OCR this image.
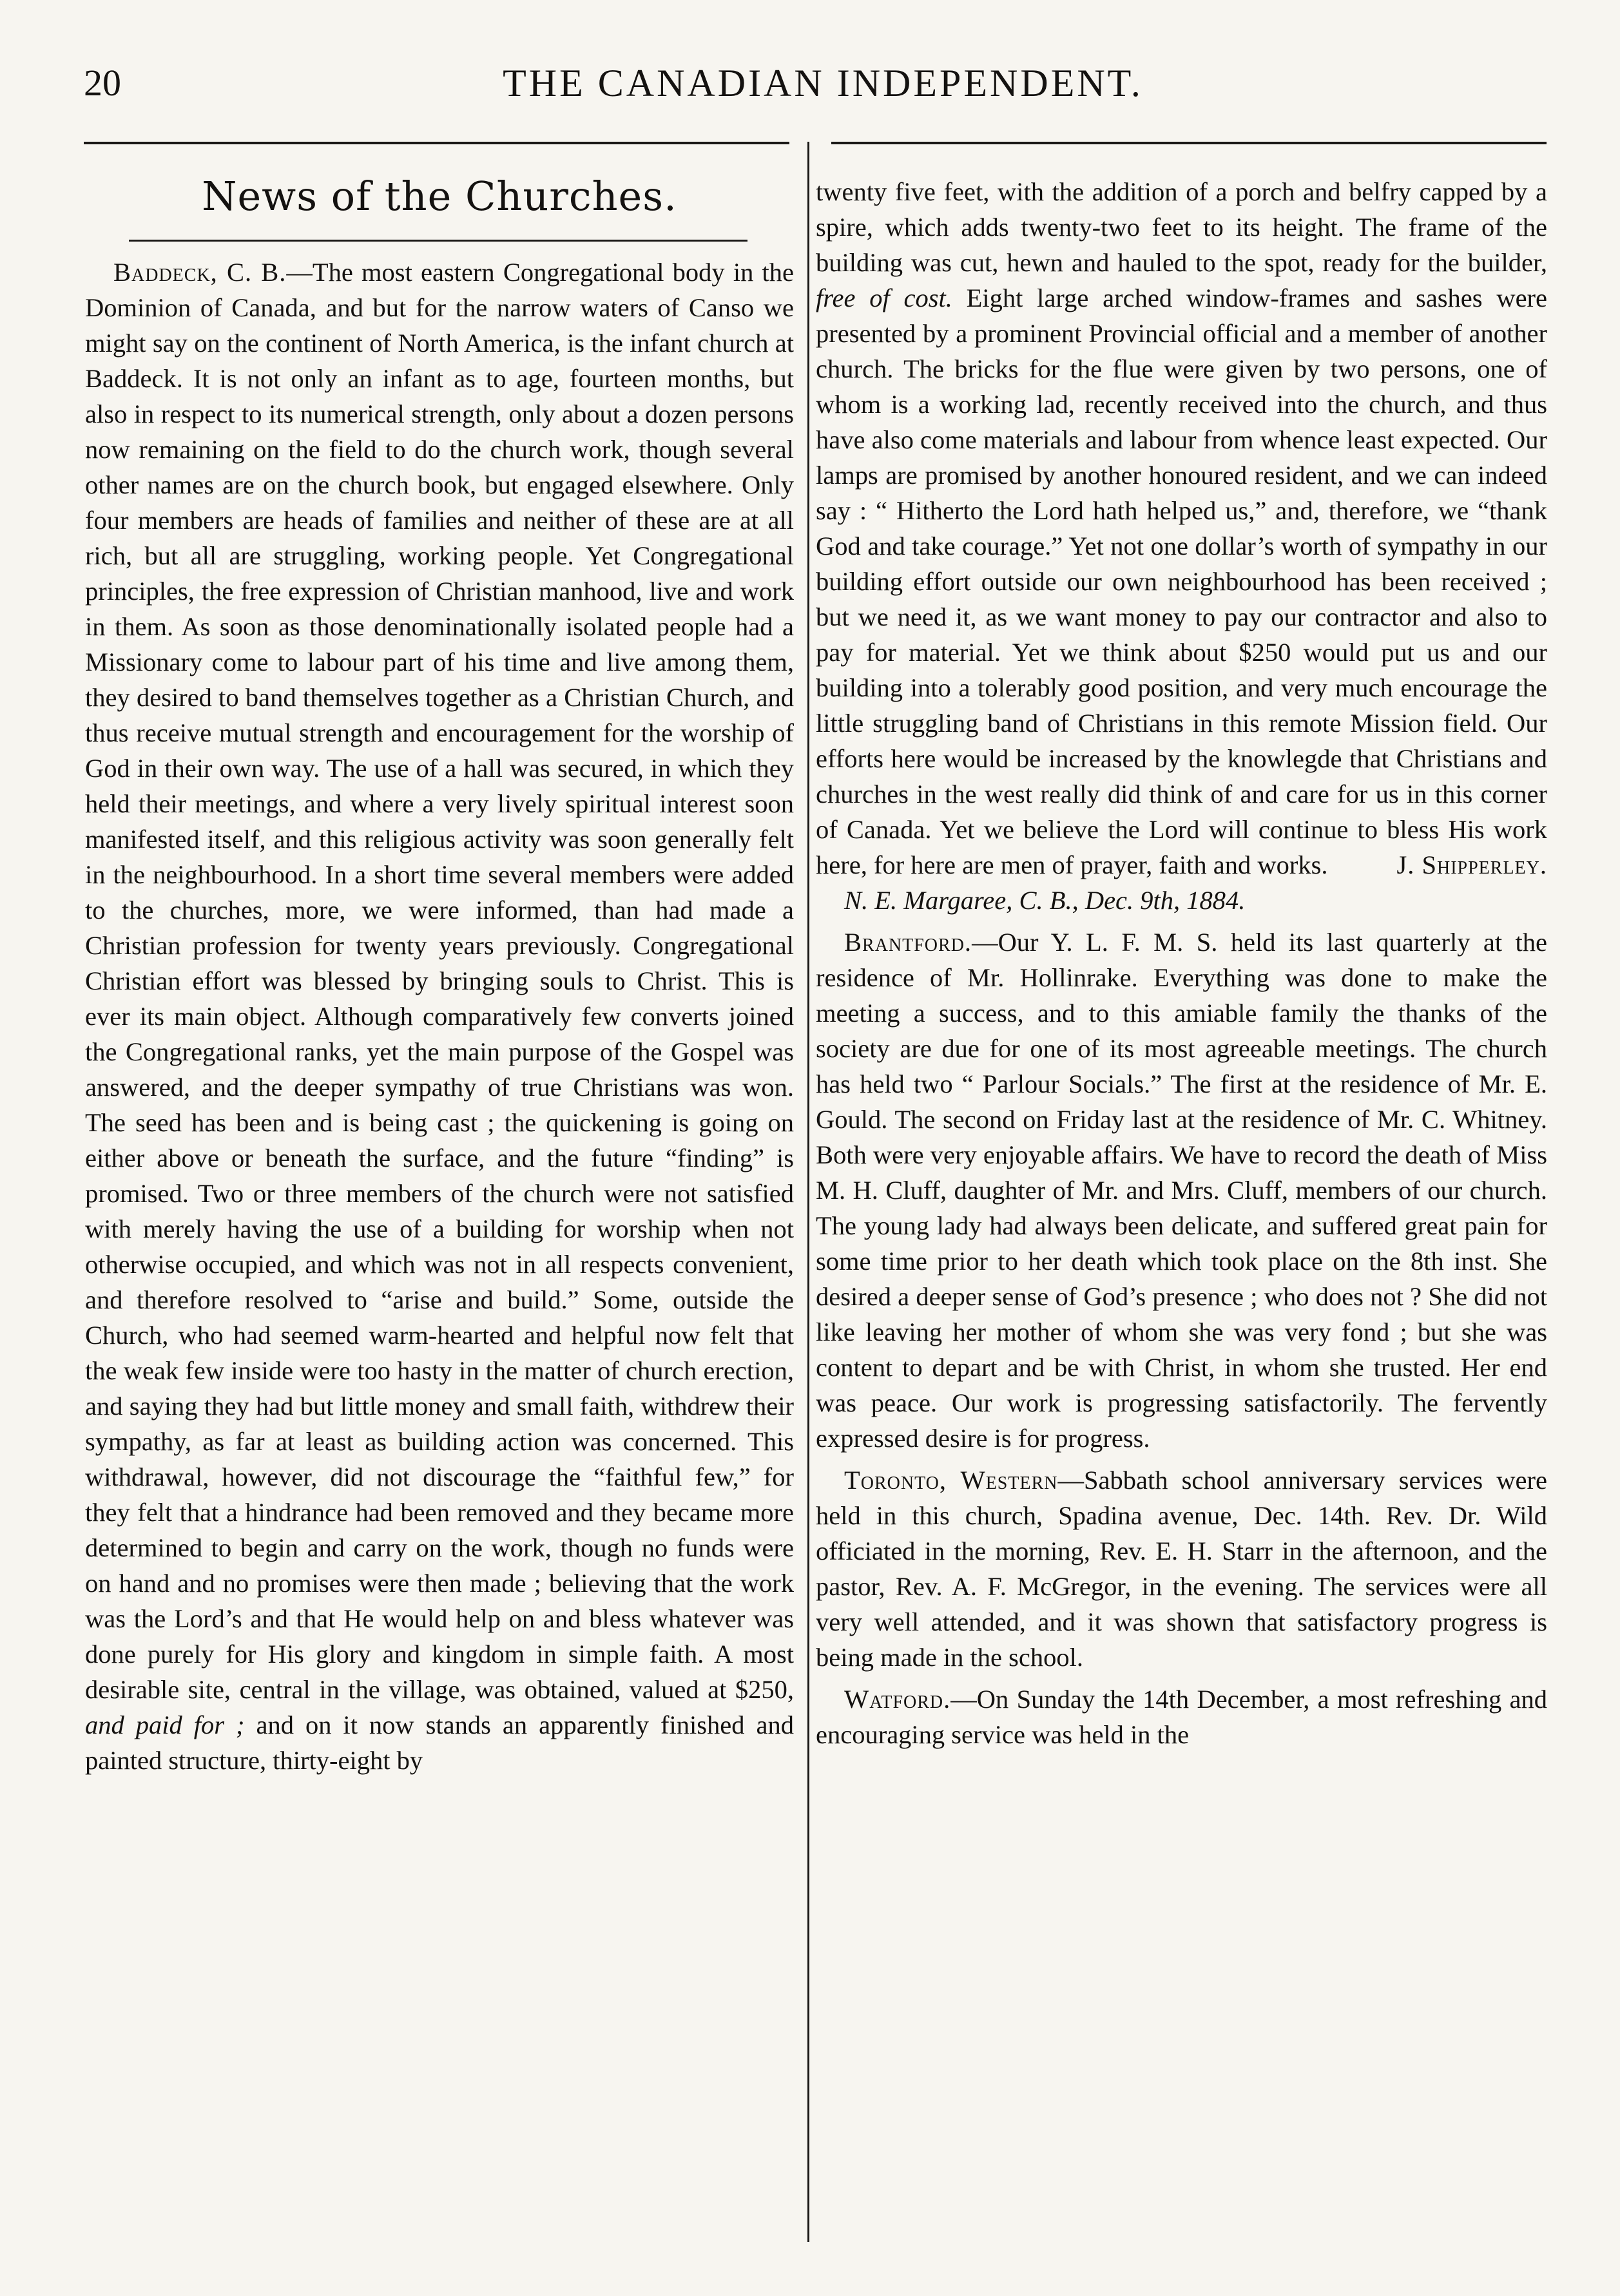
20	THE CANADIAN INDEPENDENT.
News of the Churches.

Baddeck, C. B.—The most eastern Congregational body in the Dominion of Canada, and but for the narrow waters of Canso we might say on the continent of North America, is the infant church at Baddeck. It is not only an infant as to age, fourteen months, but also in respect to its numerical strength, only about a dozen persons now remaining on the field to do the church work, though several other names are on the church book, but engaged elsewhere. Only four members are heads of families and neither of these are at all rich, but all are struggling, working people. Yet Congregational principles, the free expression of Christian manhood, live and work in them. As soon as those denominationally isolated people had a Missionary come to labour part of his time and live among them, they desired to band themselves together as a Christian Church, and thus receive mutual strength and encouragement for the worship of God in their own way. The use of a hall was secured, in which they held their meetings, and where a very lively spiritual interest soon manifested itself, and this religious activity was soon generally felt in the neighbourhood. In a short time several members were added to the churches, more, we were informed, than had made a Christian profession for twenty years previously. Congregational Christian effort was blessed by bringing souls to Christ. This is ever its main object. Although comparatively few converts joined the Congregational ranks, yet the main purpose of the Gospel was answered, and the deeper sympathy of true Christians was won. The seed has been and is being cast ; the quickening is going on either above or beneath the surface, and the future “finding” is promised. Two or three members of the church were not satisfied with merely having the use of a building for worship when not otherwise occupied, and which was not in all respects convenient, and therefore resolved to “arise and build.” Some, outside the Church, who had seemed warm-hearted and helpful now felt that the weak few inside were too hasty in the matter of church erection, and saying they had but little money and small faith, withdrew their sympathy, as far at least as building action was concerned. This withdrawal, however, did not discourage the “faithful few,” for they felt that a hindrance had been removed and they became more determined to begin and carry on the work, though no funds were on hand and no promises were then made ; believing that the work was the Lord’s and that He would help on and bless whatever was done purely for His glory and kingdom in simple faith. A most desirable site, central in the village, was obtained, valued at $250, and paid for ; and on it now stands an apparently finished and painted structure, thirty-eight by

twenty five feet, with the addition of a porch and belfry capped by a spire, which adds twenty-two feet to its height. The frame of the building was cut, hewn and hauled to the spot, ready for the builder, free of cost. Eight large arched window-frames and sashes were presented by a prominent Provincial official and a member of another church. The bricks for the flue were given by two persons, one of whom is a working lad, recently received into the church, and thus have also come materials and labour from whence least expected. Our lamps are promised by another honoured resident, and we can indeed say : “ Hitherto the Lord hath helped us,” and, therefore, we “thank God and take courage.” Yet not one dollar’s worth of sympathy in our building effort outside our own neighbourhood has been received ; but we need it, as we want money to pay our contractor and also to pay for material. Yet we think about $250 would put us and our building into a tolerably good position, and very much encourage the little struggling band of Christians in this remote Mission field. Our efforts here would be increased by the knowlegde that Christians and churches in the west really did think of and care for us in this corner of Canada. Yet we believe the Lord will continue to bless His work here, for here are men of prayer, faith and works.	J. Shipperley.

N. E. Margaree, C. B., Dec. 9th, 1884.

Brantford.—Our Y. L. F. M. S. held its last quarterly at the residence of Mr. Hollinrake. Everything was done to make the meeting a success, and to this amiable family the thanks of the society are due for one of its most agreeable meetings. The church has held two “ Parlour Socials.” The first at the residence of Mr. E. Gould. The second on Friday last at the residence of Mr. C. Whitney. Both were very enjoyable affairs. We have to record the death of Miss M. H. Cluff, daughter of Mr. and Mrs. Cluff, members of our church. The young lady had always been delicate, and suffered great pain for some time prior to her death which took place on the 8th inst. She desired a deeper sense of God’s presence ; who does not ? She did not like leaving her mother of whom she was very fond ; but she was content to depart and be with Christ, in whom she trusted. Her end was peace. Our work is progressing satisfactorily. The fervently expressed desire is for progress.

Toronto, Western—Sabbath school anniversary services were held in this church, Spadina avenue, Dec. 14th. Rev. Dr. Wild officiated in the morning, Rev. E. H. Starr in the afternoon, and the pastor, Rev. A. F. McGregor, in the evening. The services were all very well attended, and it was shown that satisfactory progress is being made in the school.

Watford.—On Sunday the 14th December, a most refreshing and encouraging service was held in the
